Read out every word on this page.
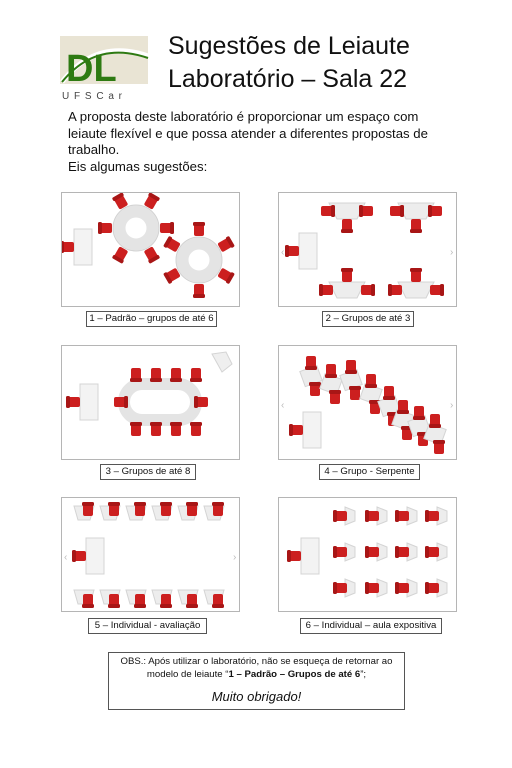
DL
U F S C a r
Sugestões de Leiaute
Laboratório – Sala 22
A proposta deste laboratório é proporcionar um espaço com
leiaute flexível e que possa atender a diferentes propostas de
trabalho.
Eis algumas sugestões:
1 – Padrão – grupos de até 6
‹	›
2 – Grupos de até 3
3 – Grupos de até 8
‹	›
4 – Grupo - Serpente
‹	›
5 – Individual - avaliação	6 – Individual – aula expositiva
OBS.: Após utilizar o laboratório, não se esqueça de retornar ao modelo de leiaute “1 – Padrão – Grupos de até 6”;
Muito obrigado!
